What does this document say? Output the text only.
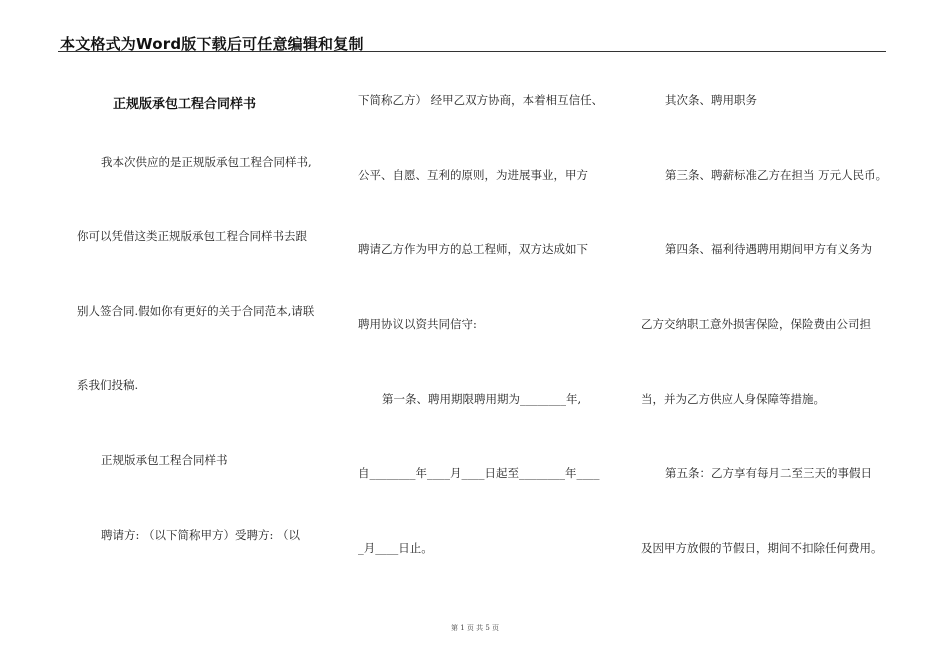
本文格式为Word版下载后可任意编辑和复制
正规版承包工程合同样书
我本次供应的是正规版承包工程合同样书,
你可以凭借这类正规版承包工程合同样书去跟
别人签合同.假如你有更好的关于合同范本,请联
系我们投稿.
正规版承包工程合同样书
聘请方: （以下简称甲方）受聘方: （以
下简称乙方） 经甲乙双方协商，本着相互信任、
公平、自愿、互利的原则，为进展事业，甲方
聘请乙方作为甲方的总工程师，双方达成如下
聘用协议以资共同信守:
第一条、聘用期限聘用期为________年,
自________年____月____日起至________年____
_月____日止。
其次条、聘用职务
第三条、聘薪标准乙方在担当 万元人民币。
第四条、福利待遇聘用期间甲方有义务为
乙方交纳职工意外损害保险，保险费由公司担
当，并为乙方供应人身保障等措施。
第五条：乙方享有每月二至三天的事假日
及因甲方放假的节假日，期间不扣除任何费用。
第 1 页 共 5 页
